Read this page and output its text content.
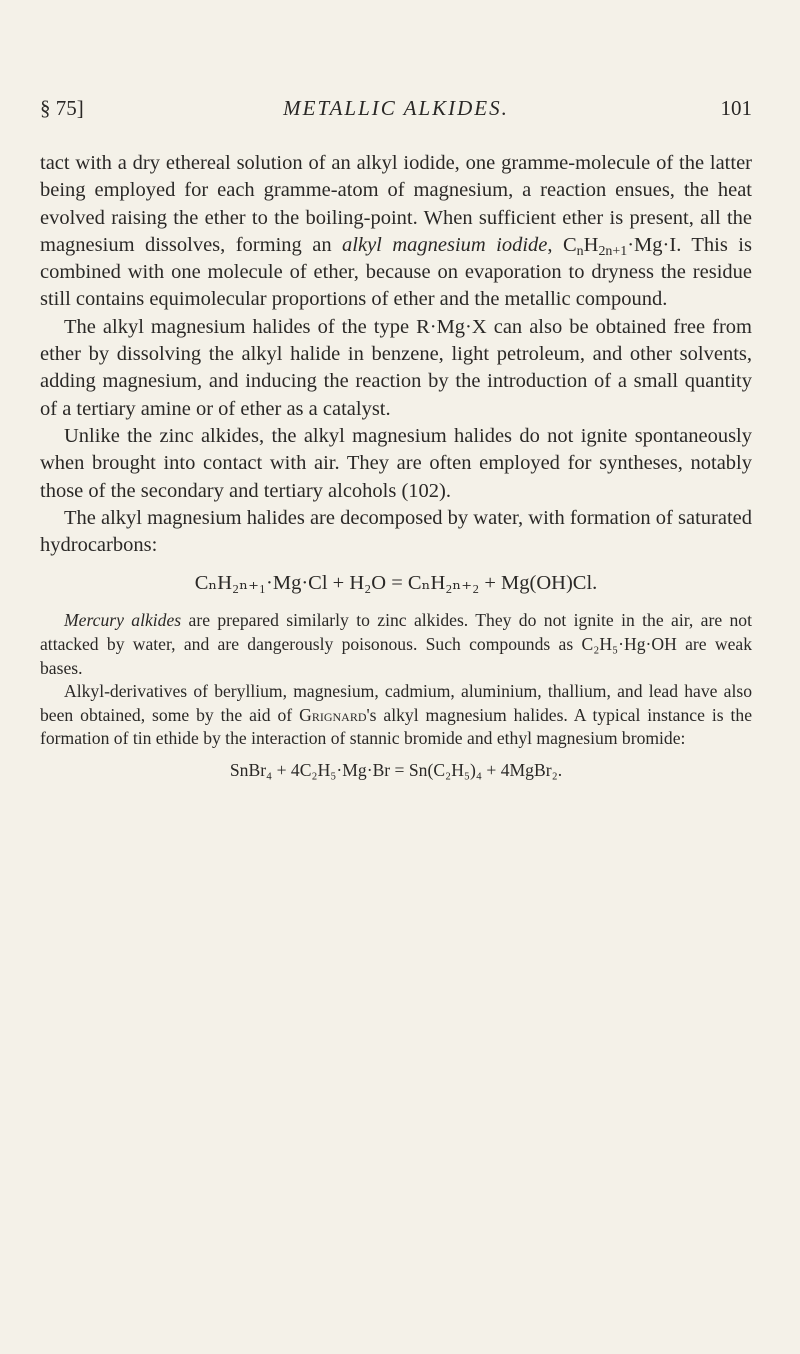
§ 75]	METALLIC ALKIDES.	101

tact with a dry ethereal solution of an alkyl iodide, one gramme-molecule of the latter being employed for each gramme-atom of magnesium, a reaction ensues, the heat evolved raising the ether to the boiling-point. When sufficient ether is present, all the magnesium dissolves, forming an alkyl magnesium iodide, $C_nH_{2n+1}\cdot Mg\cdot I$. This is combined with one molecule of ether, because on evaporation to dryness the residue still contains equimolecular proportions of ether and the metallic compound.

The alkyl magnesium halides of the type R·Mg·X can also be obtained free from ether by dissolving the alkyl halide in benzene, light petroleum, and other solvents, adding magnesium, and inducing the reaction by the introduction of a small quantity of a tertiary amine or of ether as a catalyst.

Unlike the zinc alkides, the alkyl magnesium halides do not ignite spontaneously when brought into contact with air. They are often employed for syntheses, notably those of the secondary and tertiary alcohols (102).

The alkyl magnesium halides are decomposed by water, with formation of saturated hydrocarbons:

CₙH₂ₙ₊₁·Mg·Cl + H₂O = CₙH₂ₙ₊₂ + Mg(OH)Cl.

Mercury alkides are prepared similarly to zinc alkides. They do not ignite in the air, are not attacked by water, and are dangerously poisonous. Such compounds as C₂H₅·Hg·OH are weak bases.

Alkyl-derivatives of beryllium, magnesium, cadmium, aluminium, thallium, and lead have also been obtained, some by the aid of Grignard's alkyl magnesium halides. A typical instance is the formation of tin ethide by the interaction of stannic bromide and ethyl magnesium bromide:

SnBr₄ + 4C₂H₅·Mg·Br = Sn(C₂H₅)₄ + 4MgBr₂.
